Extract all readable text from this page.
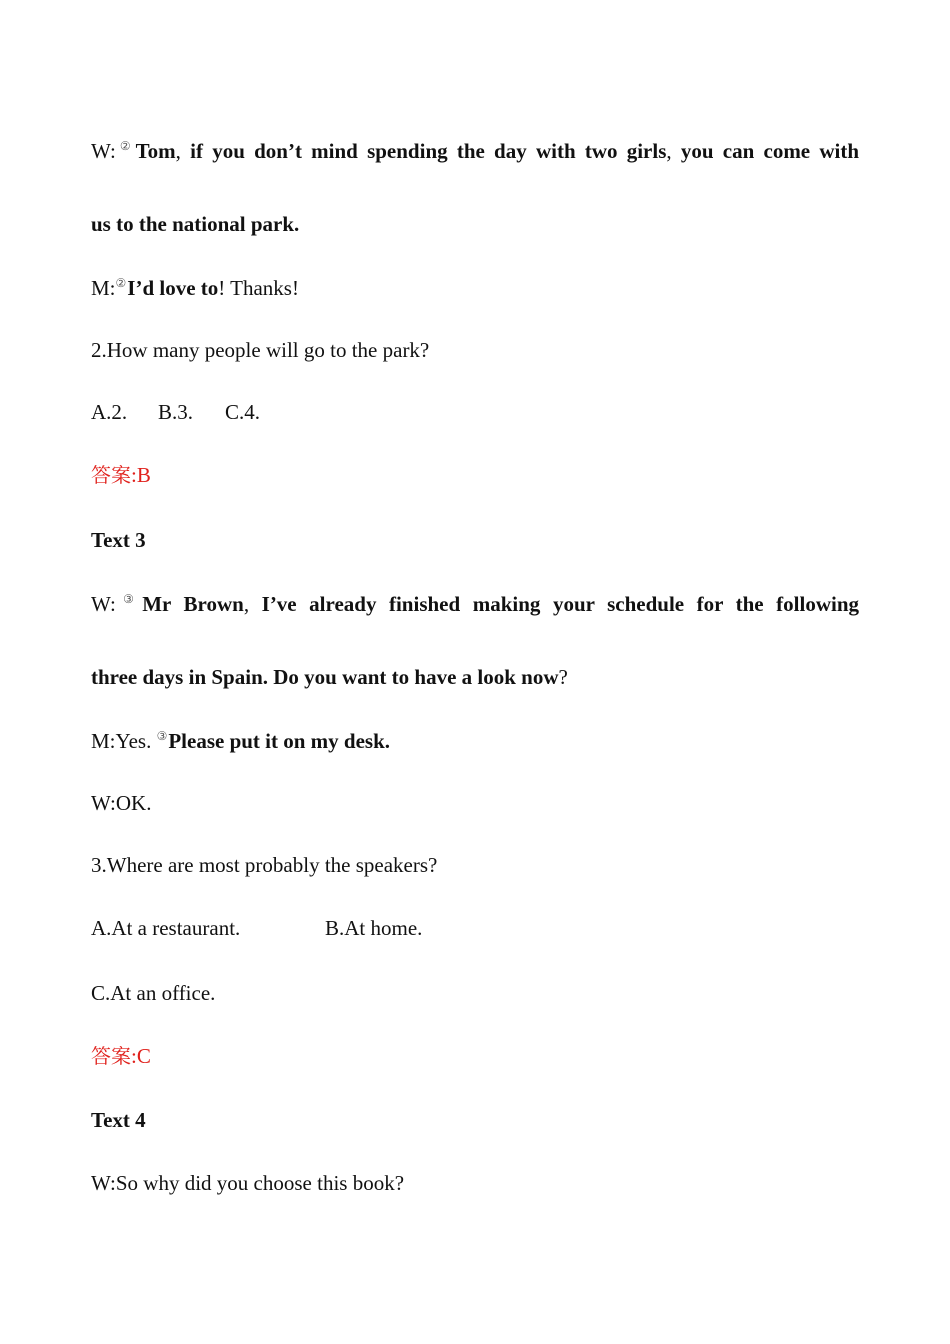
W:②Tom, if you don’t mind spending the day with two girls, you can come with
us to the national park.
M:②I’d love to! Thanks!
2.How many people will go to the park?
A.2. B.3. C.4.
答案:B
Text 3
W:③Mr Brown, I’ve already finished making your schedule for the following
three days in Spain. Do you want to have a look now?
M:Yes. ③Please put it on my desk.
W:OK.
3.Where are most probably the speakers?
A.At a restaurant.	B.At home.
C.At an office.
答案:C
Text 4
W:So why did you choose this book?
